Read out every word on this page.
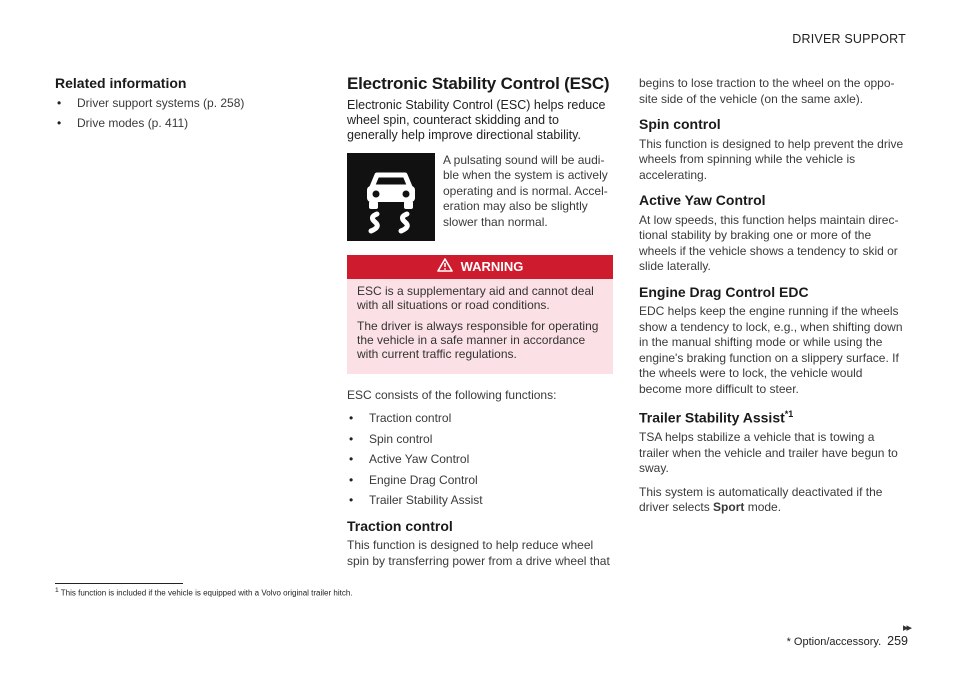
DRIVER SUPPORT
Related information
• Driver support systems (p. 258)
• Drive modes (p. 411)
Electronic Stability Control (ESC)
Electronic Stability Control (ESC) helps reduce wheel spin, counteract skidding and to generally help improve directional stability.
A pulsating sound will be audi-ble when the system is actively operating and is normal. Accel-eration may also be slightly slower than normal.
WARNING

ESC is a supplementary aid and cannot deal with all situations or road conditions.

The driver is always responsible for operating the vehicle in a safe manner in accordance with current traffic regulations.

ESC consists of the following functions:

• Traction control
• Spin control
• Active Yaw Control
• Engine Drag Control
• Trailer Stability Assist
Traction control
This function is designed to help reduce wheel spin by transferring power from a drive wheel that

begins to lose traction to the wheel on the oppo-site side of the vehicle (on the same axle).

Spin control

This function is designed to help prevent the drive wheels from spinning while the vehicle is accelerating.

Active Yaw Control

At low speeds, this function helps maintain direc-tional stability by braking one or more of the wheels if the vehicle shows a tendency to skid or slide laterally.

Engine Drag Control EDC

EDC helps keep the engine running if the wheels show a tendency to lock, e.g., when shifting down in the manual shifting mode or while using the engine's braking function on a slippery surface. If the wheels were to lock, the vehicle would become more difficult to steer.

Trailer Stability Assist$^{*1}$

TSA helps stabilize a vehicle that is towing a trailer when the vehicle and trailer have begun to sway.

This system is automatically deactivated if the driver selects Sport mode.

$^1$ This function is included if the vehicle is equipped with a Volvo original trailer hitch.
▸▸
* Option/accessory. 259
